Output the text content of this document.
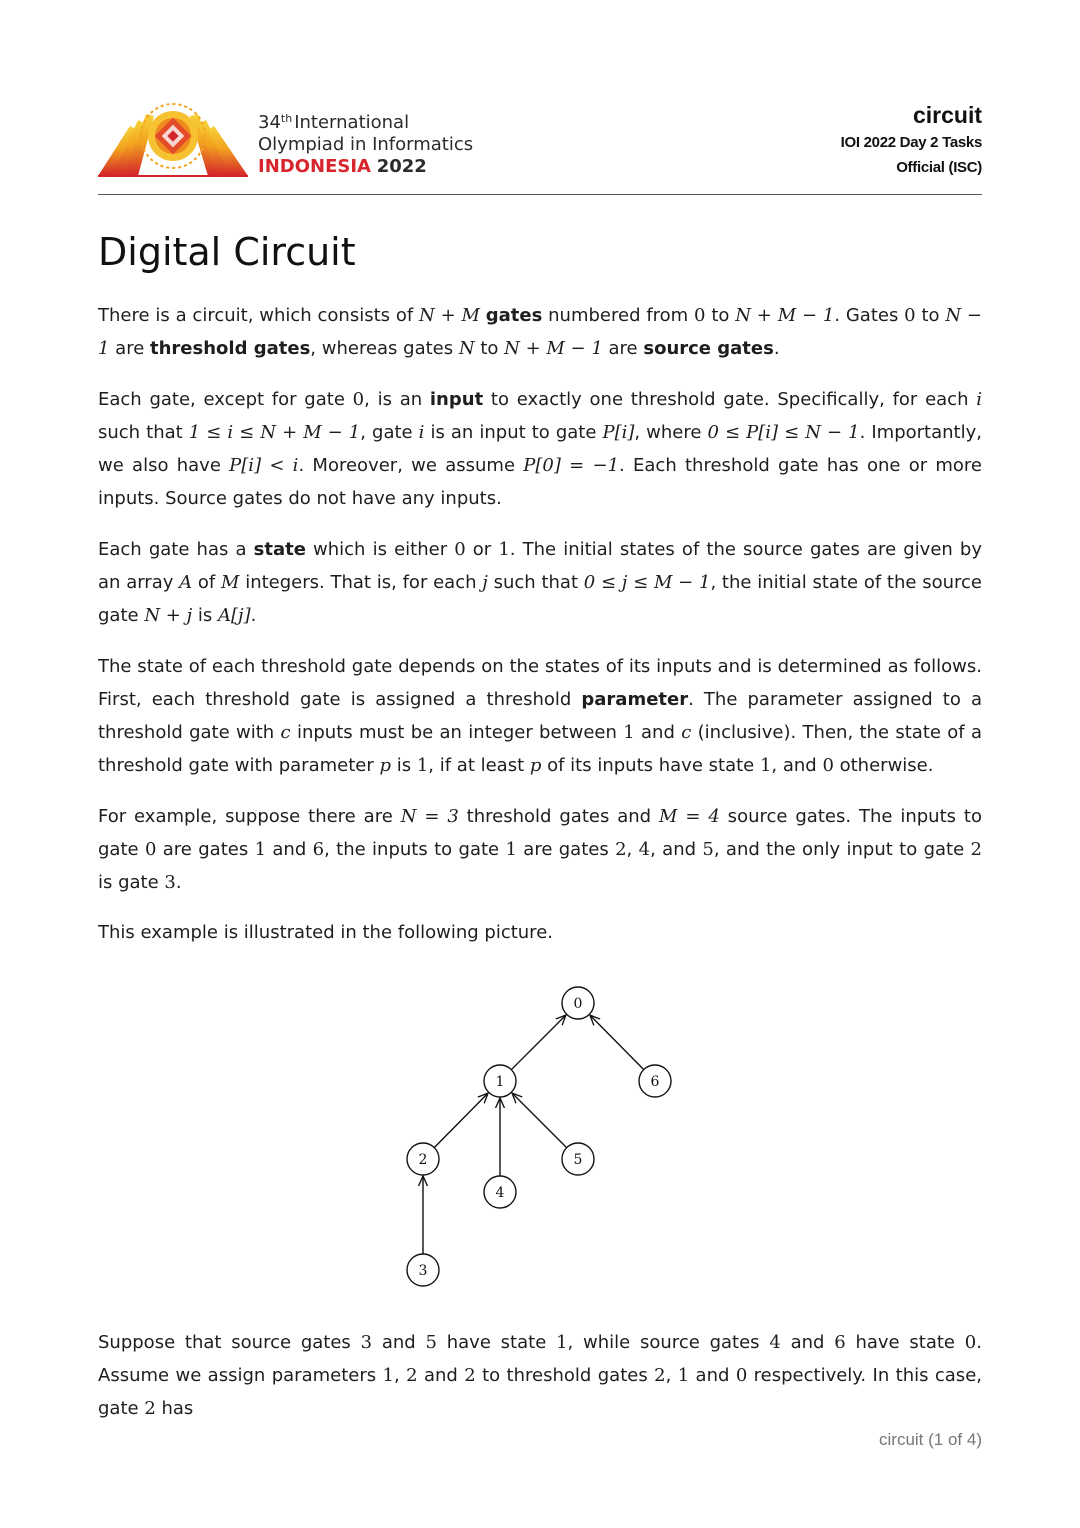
34th International
Olympiad in Informatics
INDONESIA 2022
circuit
IOI 2022 Day 2 Tasks
Official (ISC)
Digital Circuit

There is a circuit, which consists of N + M gates numbered from 0 to N + M − 1. Gates 0 to N − 1 are threshold gates, whereas gates N to N + M − 1 are source gates.

Each gate, except for gate 0, is an input to exactly one threshold gate. Specifically, for each i such that 1 ≤ i ≤ N + M − 1, gate i is an input to gate P[i], where 0 ≤ P[i] ≤ N − 1. Importantly, we also have P[i] < i. Moreover, we assume P[0] = −1. Each threshold gate has one or more inputs. Source gates do not have any inputs.

Each gate has a state which is either 0 or 1. The initial states of the source gates are given by an array A of M integers. That is, for each j such that 0 ≤ j ≤ M − 1, the initial state of the source gate N + j is A[j].

The state of each threshold gate depends on the states of its inputs and is determined as follows. First, each threshold gate is assigned a threshold parameter. The parameter assigned to a threshold gate with c inputs must be an integer between 1 and c (inclusive). Then, the state of a threshold gate with parameter p is 1, if at least p of its inputs have state 1, and 0 otherwise.

For example, suppose there are N = 3 threshold gates and M = 4 source gates. The inputs to gate 0 are gates 1 and 6, the inputs to gate 1 are gates 2, 4, and 5, and the only input to gate 2 is gate 3.

This example is illustrated in the following picture.

0
1
2
3
4
5
6

Suppose that source gates 3 and 5 have state 1, while source gates 4 and 6 have state 0. Assume we assign parameters 1, 2 and 2 to threshold gates 2, 1 and 0 respectively. In this case, gate 2 has

circuit (1 of 4)
